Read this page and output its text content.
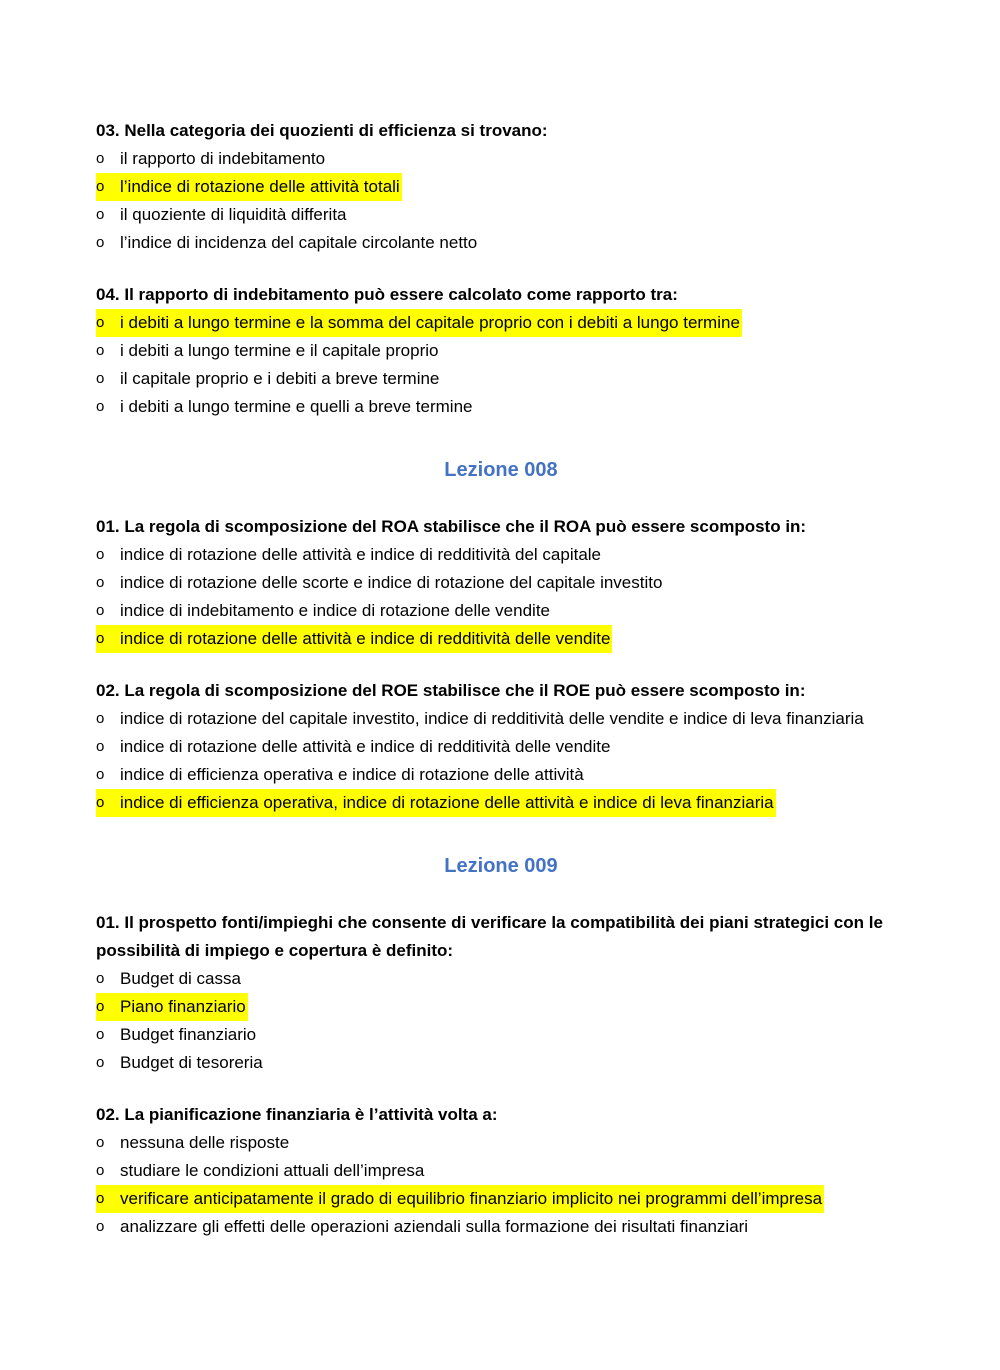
03. Nella categoria dei quozienti di efficienza si trovano:

o il rapporto di indebitamento
o l’indice di rotazione delle attività totali
o il quoziente di liquidità differita
o l’indice di incidenza del capitale circolante netto

04. Il rapporto di indebitamento può essere calcolato come rapporto tra:

o i debiti a lungo termine e la somma del capitale proprio con i debiti a lungo termine
o i debiti a lungo termine e il capitale proprio
o il capitale proprio e i debiti a breve termine
o i debiti a lungo termine e quelli a breve termine
Lezione 008

01. La regola di scomposizione del ROA stabilisce che il ROA può essere scomposto in:

o indice di rotazione delle attività e indice di redditività del capitale
o indice di rotazione delle scorte e indice di rotazione del capitale investito
o indice di indebitamento e indice di rotazione delle vendite
o indice di rotazione delle attività e indice di redditività delle vendite

02. La regola di scomposizione del ROE stabilisce che il ROE può essere scomposto in:

o indice di rotazione del capitale investito, indice di redditività delle vendite e indice di leva finanziaria
o indice di rotazione delle attività e indice di redditività delle vendite
o indice di efficienza operativa e indice di rotazione delle attività
o indice di efficienza operativa, indice di rotazione delle attività e indice di leva finanziaria
Lezione 009

01. Il prospetto fonti/impieghi che consente di verificare la compatibilità dei piani strategici con le possibilità di impiego e copertura è definito:

o Budget di cassa
o Piano finanziario
o Budget finanziario
o Budget di tesoreria

02. La pianificazione finanziaria è l’attività volta a:

o nessuna delle risposte
o studiare le condizioni attuali dell’impresa
o verificare anticipatamente il grado di equilibrio finanziario implicito nei programmi dell’impresa
o analizzare gli effetti delle operazioni aziendali sulla formazione dei risultati finanziari
